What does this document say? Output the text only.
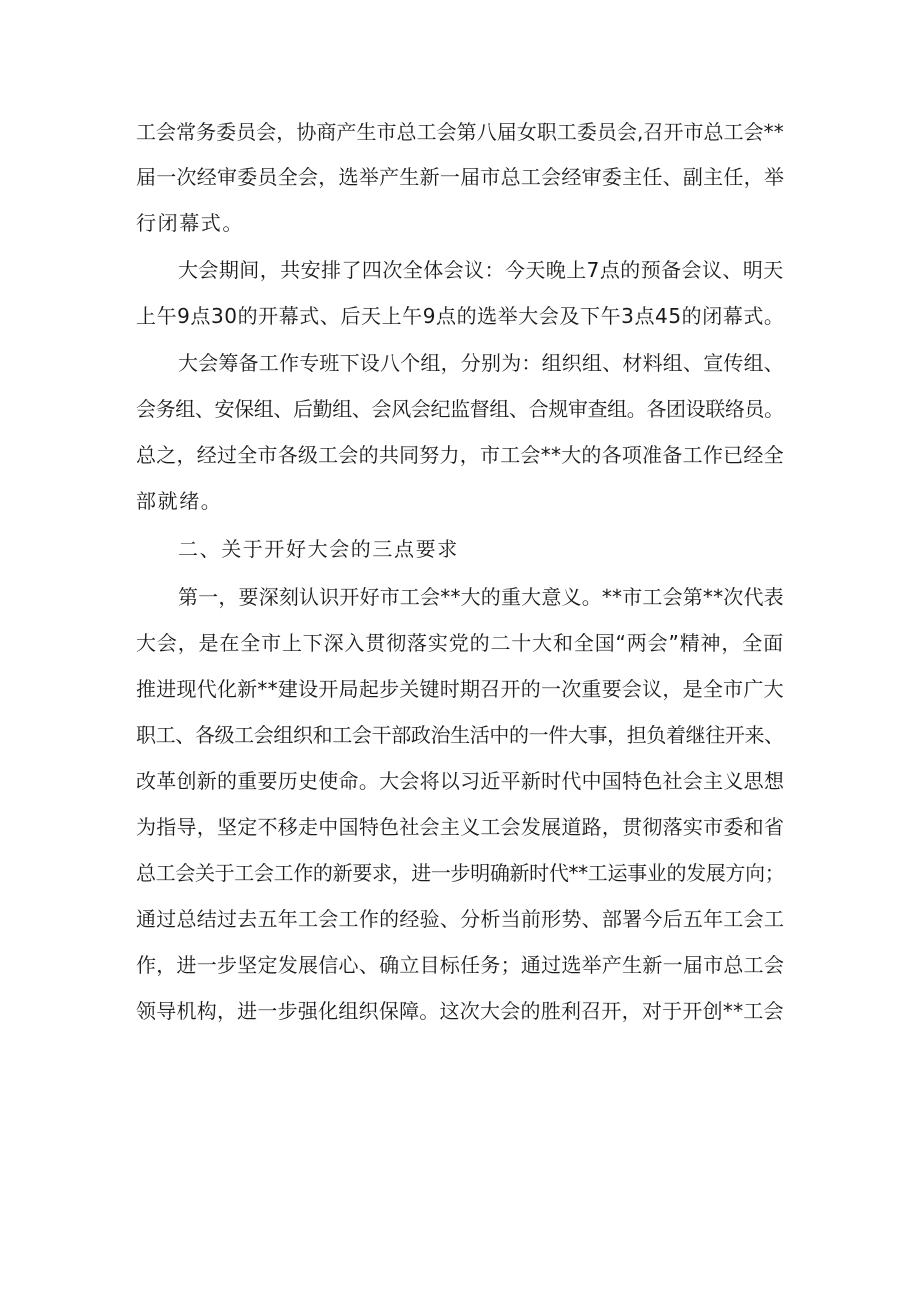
工会常务委员会，协商产生市总工会第八届女职工委员会,召开市总工会**
届一次经审委员全会，选举产生新一届市总工会经审委主任、副主任，举
行闭幕式。
大会期间，共安排了四次全体会议：今天晚上7点的预备会议、明天
上午9点30的开幕式、后天上午9点的选举大会及下午3点45的闭幕式。
大会筹备工作专班下设八个组，分别为：组织组、材料组、宣传组、
会务组、安保组、后勤组、会风会纪监督组、合规审查组。各团设联络员。
总之，经过全市各级工会的共同努力，市工会**大的各项准备工作已经全
部就绪。
二、关于开好大会的三点要求
第一，要深刻认识开好市工会**大的重大意义。**市工会第**次代表
大会，是在全市上下深入贯彻落实党的二十大和全国“两会”精神，全面
推进现代化新**建设开局起步关键时期召开的一次重要会议，是全市广大
职工、各级工会组织和工会干部政治生活中的一件大事，担负着继往开来、
改革创新的重要历史使命。大会将以习近平新时代中国特色社会主义思想
为指导，坚定不移走中国特色社会主义工会发展道路，贯彻落实市委和省
总工会关于工会工作的新要求，进一步明确新时代**工运事业的发展方向；
通过总结过去五年工会工作的经验、分析当前形势、部署今后五年工会工
作，进一步坚定发展信心、确立目标任务；通过选举产生新一届市总工会
领导机构，进一步强化组织保障。这次大会的胜利召开，对于开创**工会
